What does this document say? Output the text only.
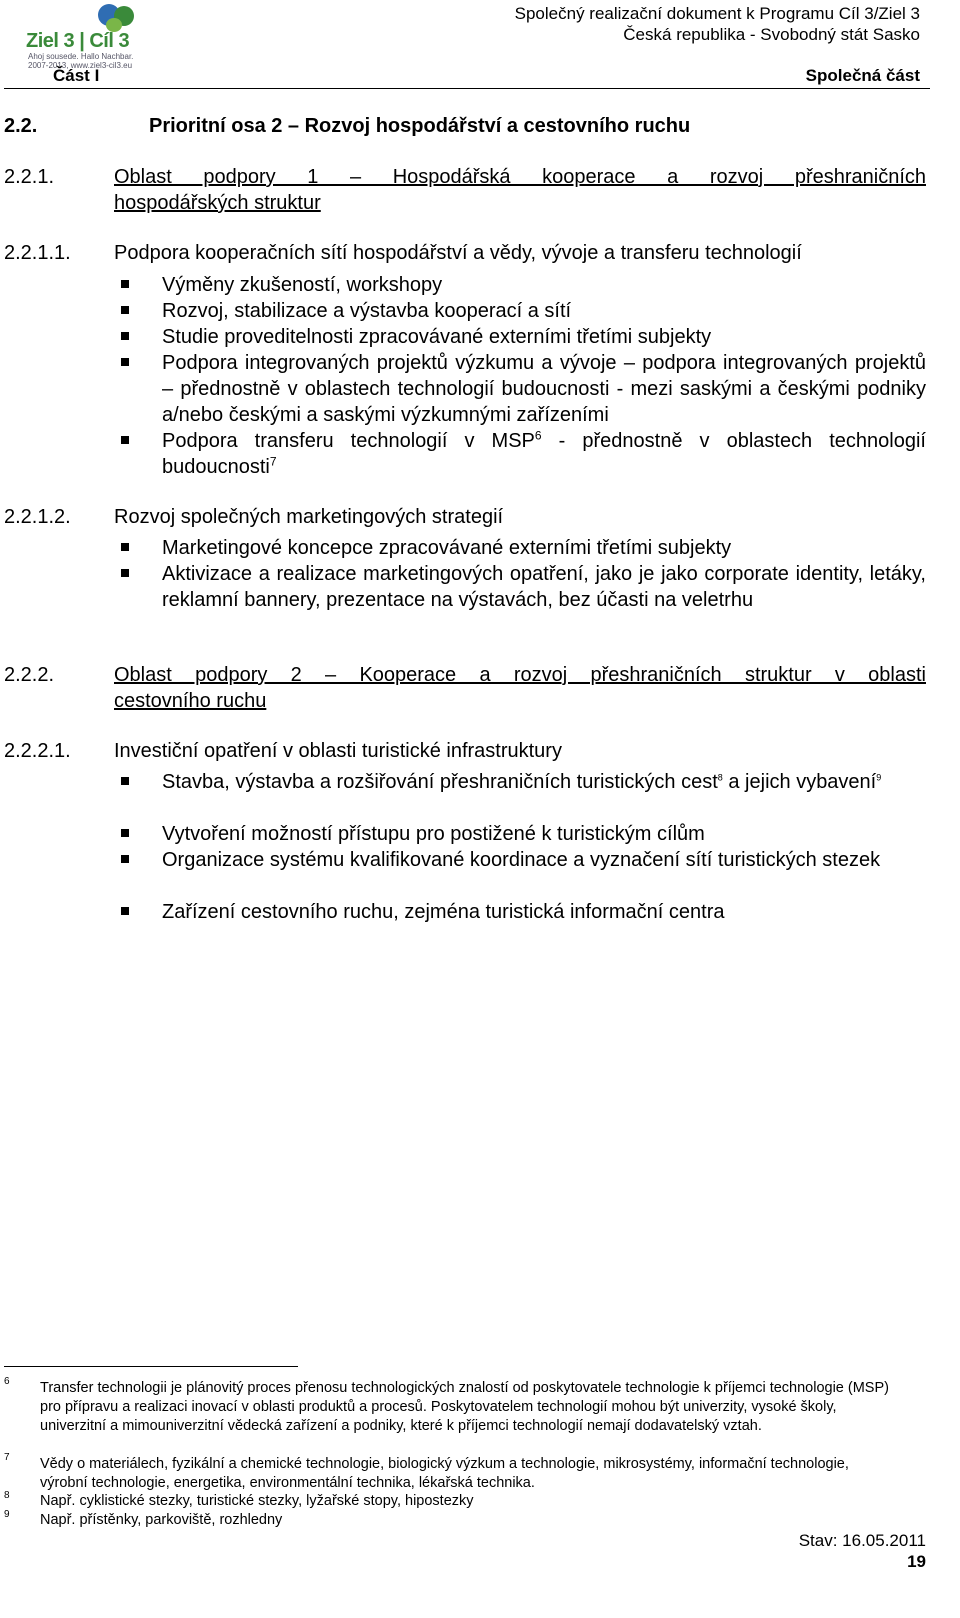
Ziel 3 | Cíl 3
Ahoj sousede. Hallo Nachbar.
2007-2013, www.ziel3-cil3.eu
Společný realizační dokument k Programu Cíl 3/Ziel 3
Česká republika - Svobodný stát Sasko
Část I	Společná část
2.2.	Prioritní osa 2 – Rozvoj hospodářství a cestovního ruchu
2.2.1.	Oblast podpory 1 – Hospodářská kooperace a rozvoj přeshraničních
hospodářských struktur
2.2.1.1. Podpora kooperačních sítí hospodářství a vědy, vývoje a transferu technologií
Výměny zkušeností, workshopy
Rozvoj, stabilizace a výstavba kooperací a sítí
Studie proveditelnosti zpracovávané externími třetími subjekty
Podpora integrovaných projektů výzkumu a vývoje – podpora integrovaných projektů – přednostně v oblastech technologií budoucnosti - mezi saskými a českými podniky a/nebo českými a saskými výzkumnými zařízeními
Podpora transferu technologií v MSP$^6$ - přednostně v oblastech technologií budoucnosti$^7$
2.2.1.2. Rozvoj společných marketingových strategií
Marketingové koncepce zpracovávané externími třetími subjekty
Aktivizace a realizace marketingových opatření, jako je jako corporate identity, letáky, reklamní bannery, prezentace na výstavách, bez účasti na veletrhu
2.2.2.	Oblast podpory 2 – Kooperace a rozvoj přeshraničních struktur v oblasti
cestovního ruchu
2.2.2.1. Investiční opatření v oblasti turistické infrastruktury
Stavba, výstavba a rozšiřování přeshraničních turistických cest$^8$ a jejich vybavení$^9$
Vytvoření možností přístupu pro postižené k turistickým cílům
Organizace systému kvalifikované koordinace a vyznačení sítí turistických stezek
Zařízení cestovního ruchu, zejména turistická informační centra
6 Transfer technologii je plánovitý proces přenosu technologických znalostí od poskytovatele technologie k příjemci technologie (MSP) pro přípravu a realizaci inovací v oblasti produktů a procesů. Poskytovatelem technologií mohou být univerzity, vysoké školy, univerzitní a mimouniverzitní vědecká zařízení a podniky, které k příjemci technologií nemají dodavatelský vztah.
7 Vědy o materiálech, fyzikální a chemické technologie, biologický výzkum a technologie, mikrosystémy, informační technologie, výrobní technologie, energetika, environmentální technika, lékařská technika.
8 Např. cyklistické stezky, turistické stezky, lyžařské stopy, hipostezky
9 Např. přístěnky, parkoviště, rozhledny
Stav: 16.05.2011
19
